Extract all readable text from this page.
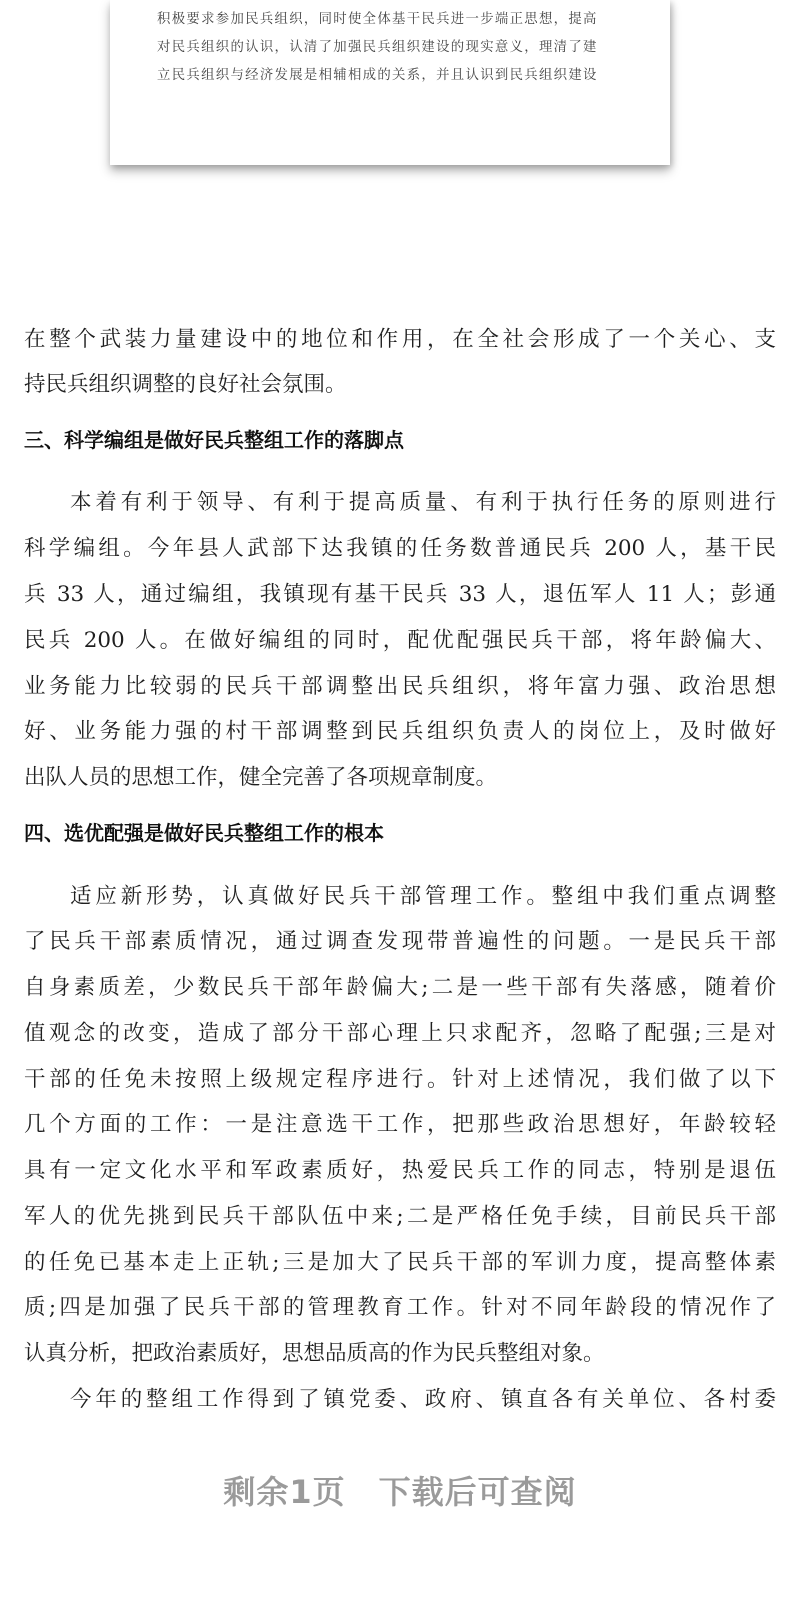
积极要求参加民兵组织，同时使全体基干民兵进一步端正思想，提高
对民兵组织的认识，认清了加强民兵组织建设的现实意义，理清了建
立民兵组织与经济发展是相辅相成的关系，并且认识到民兵组织建设
在整个武装力量建设中的地位和作用，在全社会形成了一个关心、支
持民兵组织调整的良好社会氛围。
三、科学编组是做好民兵整组工作的落脚点
本着有利于领导、有利于提高质量、有利于执行任务的原则进行
科学编组。今年县人武部下达我镇的任务数普通民兵 200 人，基干民
兵 33 人，通过编组，我镇现有基干民兵 33 人，退伍军人 11 人；彭通
民兵 200 人。在做好编组的同时，配优配强民兵干部，将年龄偏大、
业务能力比较弱的民兵干部调整出民兵组织，将年富力强、政治思想
好、业务能力强的村干部调整到民兵组织负责人的岗位上，及时做好
出队人员的思想工作，健全完善了各项规章制度。
四、选优配强是做好民兵整组工作的根本
适应新形势，认真做好民兵干部管理工作。整组中我们重点调整
了民兵干部素质情况，通过调查发现带普遍性的问题。一是民兵干部
自身素质差，少数民兵干部年龄偏大;二是一些干部有失落感，随着价
值观念的改变，造成了部分干部心理上只求配齐，忽略了配强;三是对
干部的任免未按照上级规定程序进行。针对上述情况，我们做了以下
几个方面的工作：一是注意选干工作，把那些政治思想好，年龄较轻
具有一定文化水平和军政素质好，热爱民兵工作的同志，特别是退伍
军人的优先挑到民兵干部队伍中来;二是严格任免手续，目前民兵干部
的任免已基本走上正轨;三是加大了民兵干部的军训力度，提高整体素
质;四是加强了民兵干部的管理教育工作。针对不同年龄段的情况作了
认真分析，把政治素质好，思想品质高的作为民兵整组对象。
今年的整组工作得到了镇党委、政府、镇直各有关单位、各村委
剩余1页　下载后可查阅
